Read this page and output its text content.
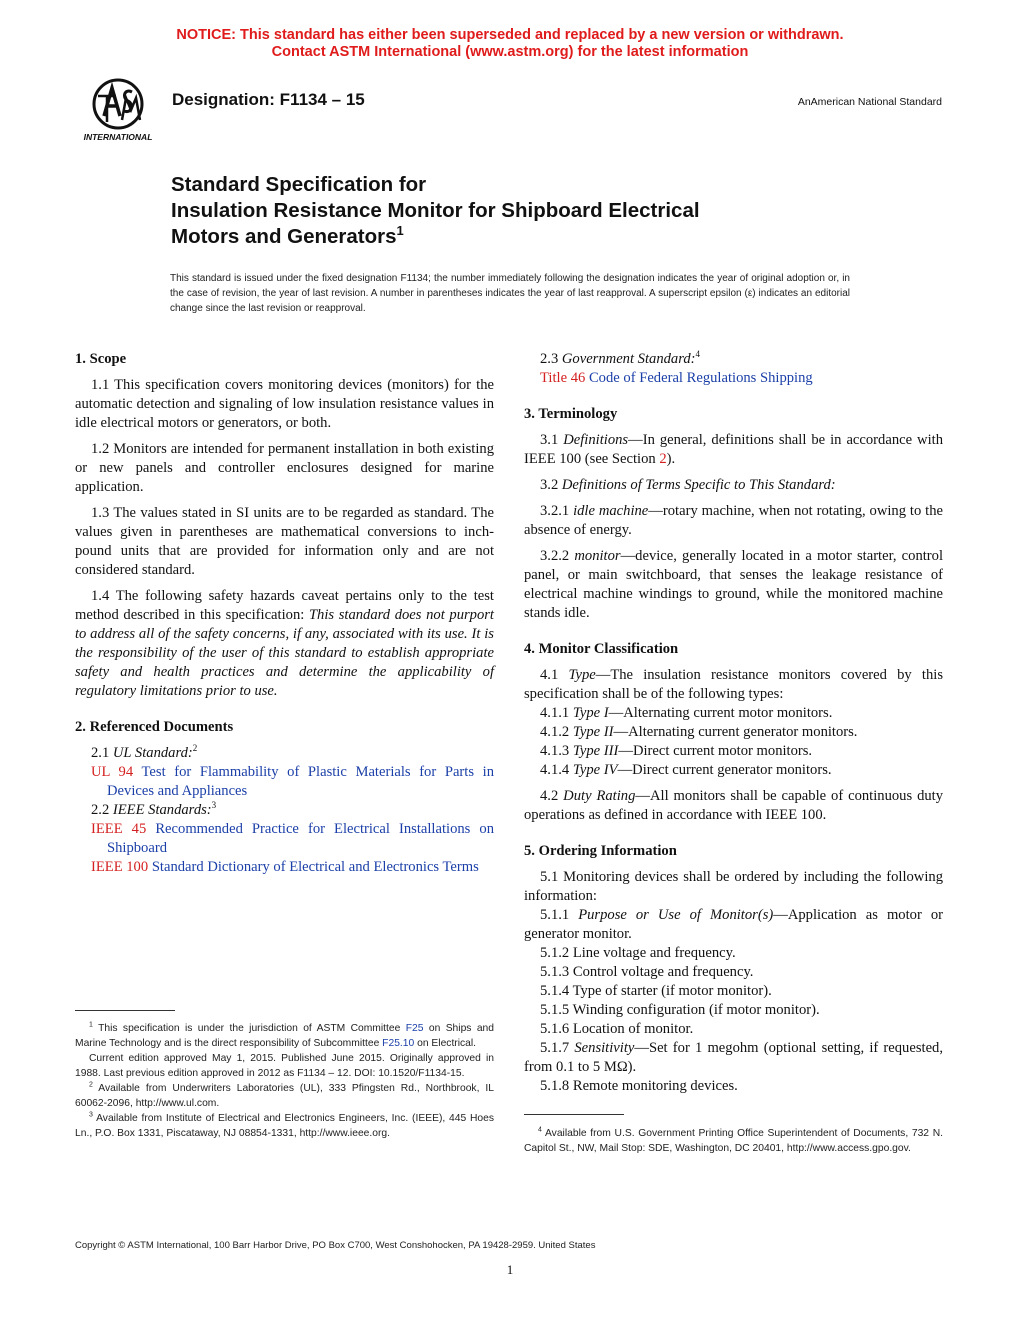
NOTICE: This standard has either been superseded and replaced by a new version or withdrawn.
Contact ASTM International (www.astm.org) for the latest information
INTERNATIONAL
Designation: F1134 – 15	AnAmerican National Standard
Standard Specification for
Insulation Resistance Monitor for Shipboard Electrical
Motors and Generators$^1$
This standard is issued under the fixed designation F1134; the number immediately following the designation indicates the year of original adoption or, in the case of revision, the year of last revision. A number in parentheses indicates the year of last reapproval. A superscript epsilon (ε) indicates an editorial change since the last revision or reapproval.
1. Scope
1.1 This specification covers monitoring devices (monitors) for the automatic detection and signaling of low insulation resistance values in idle electrical motors or generators, or both.
1.2 Monitors are intended for permanent installation in both existing or new panels and controller enclosures designed for marine application.
1.3 The values stated in SI units are to be regarded as standard. The values given in parentheses are mathematical conversions to inch-pound units that are provided for information only and are not considered standard.
1.4 The following safety hazards caveat pertains only to the test method described in this specification: This standard does not purport to address all of the safety concerns, if any, associated with its use. It is the responsibility of the user of this standard to establish appropriate safety and health practices and determine the applicability of regulatory limitations prior to use.
2. Referenced Documents
2.1 UL Standard:$^2$
UL 94 Test for Flammability of Plastic Materials for Parts in Devices and Appliances
2.2 IEEE Standards:$^3$
IEEE 45 Recommended Practice for Electrical Installations on Shipboard
IEEE 100 Standard Dictionary of Electrical and Electronics Terms
2.3 Government Standard:$^4$
Title 46 Code of Federal Regulations Shipping
3. Terminology
3.1 Definitions—In general, definitions shall be in accordance with IEEE 100 (see Section 2).
3.2 Definitions of Terms Specific to This Standard:
3.2.1 idle machine—rotary machine, when not rotating, owing to the absence of energy.
3.2.2 monitor—device, generally located in a motor starter, control panel, or main switchboard, that senses the leakage resistance of electrical machine windings to ground, while the monitored machine stands idle.
4. Monitor Classification
4.1 Type—The insulation resistance monitors covered by this specification shall be of the following types:
4.1.1 Type I—Alternating current motor monitors.
4.1.2 Type II—Alternating current generator monitors.
4.1.3 Type III—Direct current motor monitors.
4.1.4 Type IV—Direct current generator monitors.
4.2 Duty Rating—All monitors shall be capable of continuous duty operations as defined in accordance with IEEE 100.
5. Ordering Information
5.1 Monitoring devices shall be ordered by including the following information:
5.1.1 Purpose or Use of Monitor(s)—Application as motor or generator monitor.
5.1.2 Line voltage and frequency.
5.1.3 Control voltage and frequency.
5.1.4 Type of starter (if motor monitor).
5.1.5 Winding configuration (if motor monitor).
5.1.6 Location of monitor.
5.1.7 Sensitivity—Set for 1 megohm (optional setting, if requested, from 0.1 to 5 MΩ).
5.1.8 Remote monitoring devices.

$^1$ This specification is under the jurisdiction of ASTM Committee F25 on Ships and Marine Technology and is the direct responsibility of Subcommittee F25.10 on Electrical.

Current edition approved May 1, 2015. Published June 2015. Originally approved in 1988. Last previous edition approved in 2012 as F1134 – 12. DOI: 10.1520/F1134-15.

$^2$ Available from Underwriters Laboratories (UL), 333 Pfingsten Rd., Northbrook, IL 60062-2096, http://www.ul.com.

$^3$ Available from Institute of Electrical and Electronics Engineers, Inc. (IEEE), 445 Hoes Ln., P.O. Box 1331, Piscataway, NJ 08854-1331, http://www.ieee.org.	$^4$ Available from U.S. Government Printing Office Superintendent of Documents, 732 N. Capitol St., NW, Mail Stop: SDE, Washington, DC 20401, http://www.access.gpo.gov.

Copyright © ASTM International, 100 Barr Harbor Drive, PO Box C700, West Conshohocken, PA 19428-2959. United States
1
